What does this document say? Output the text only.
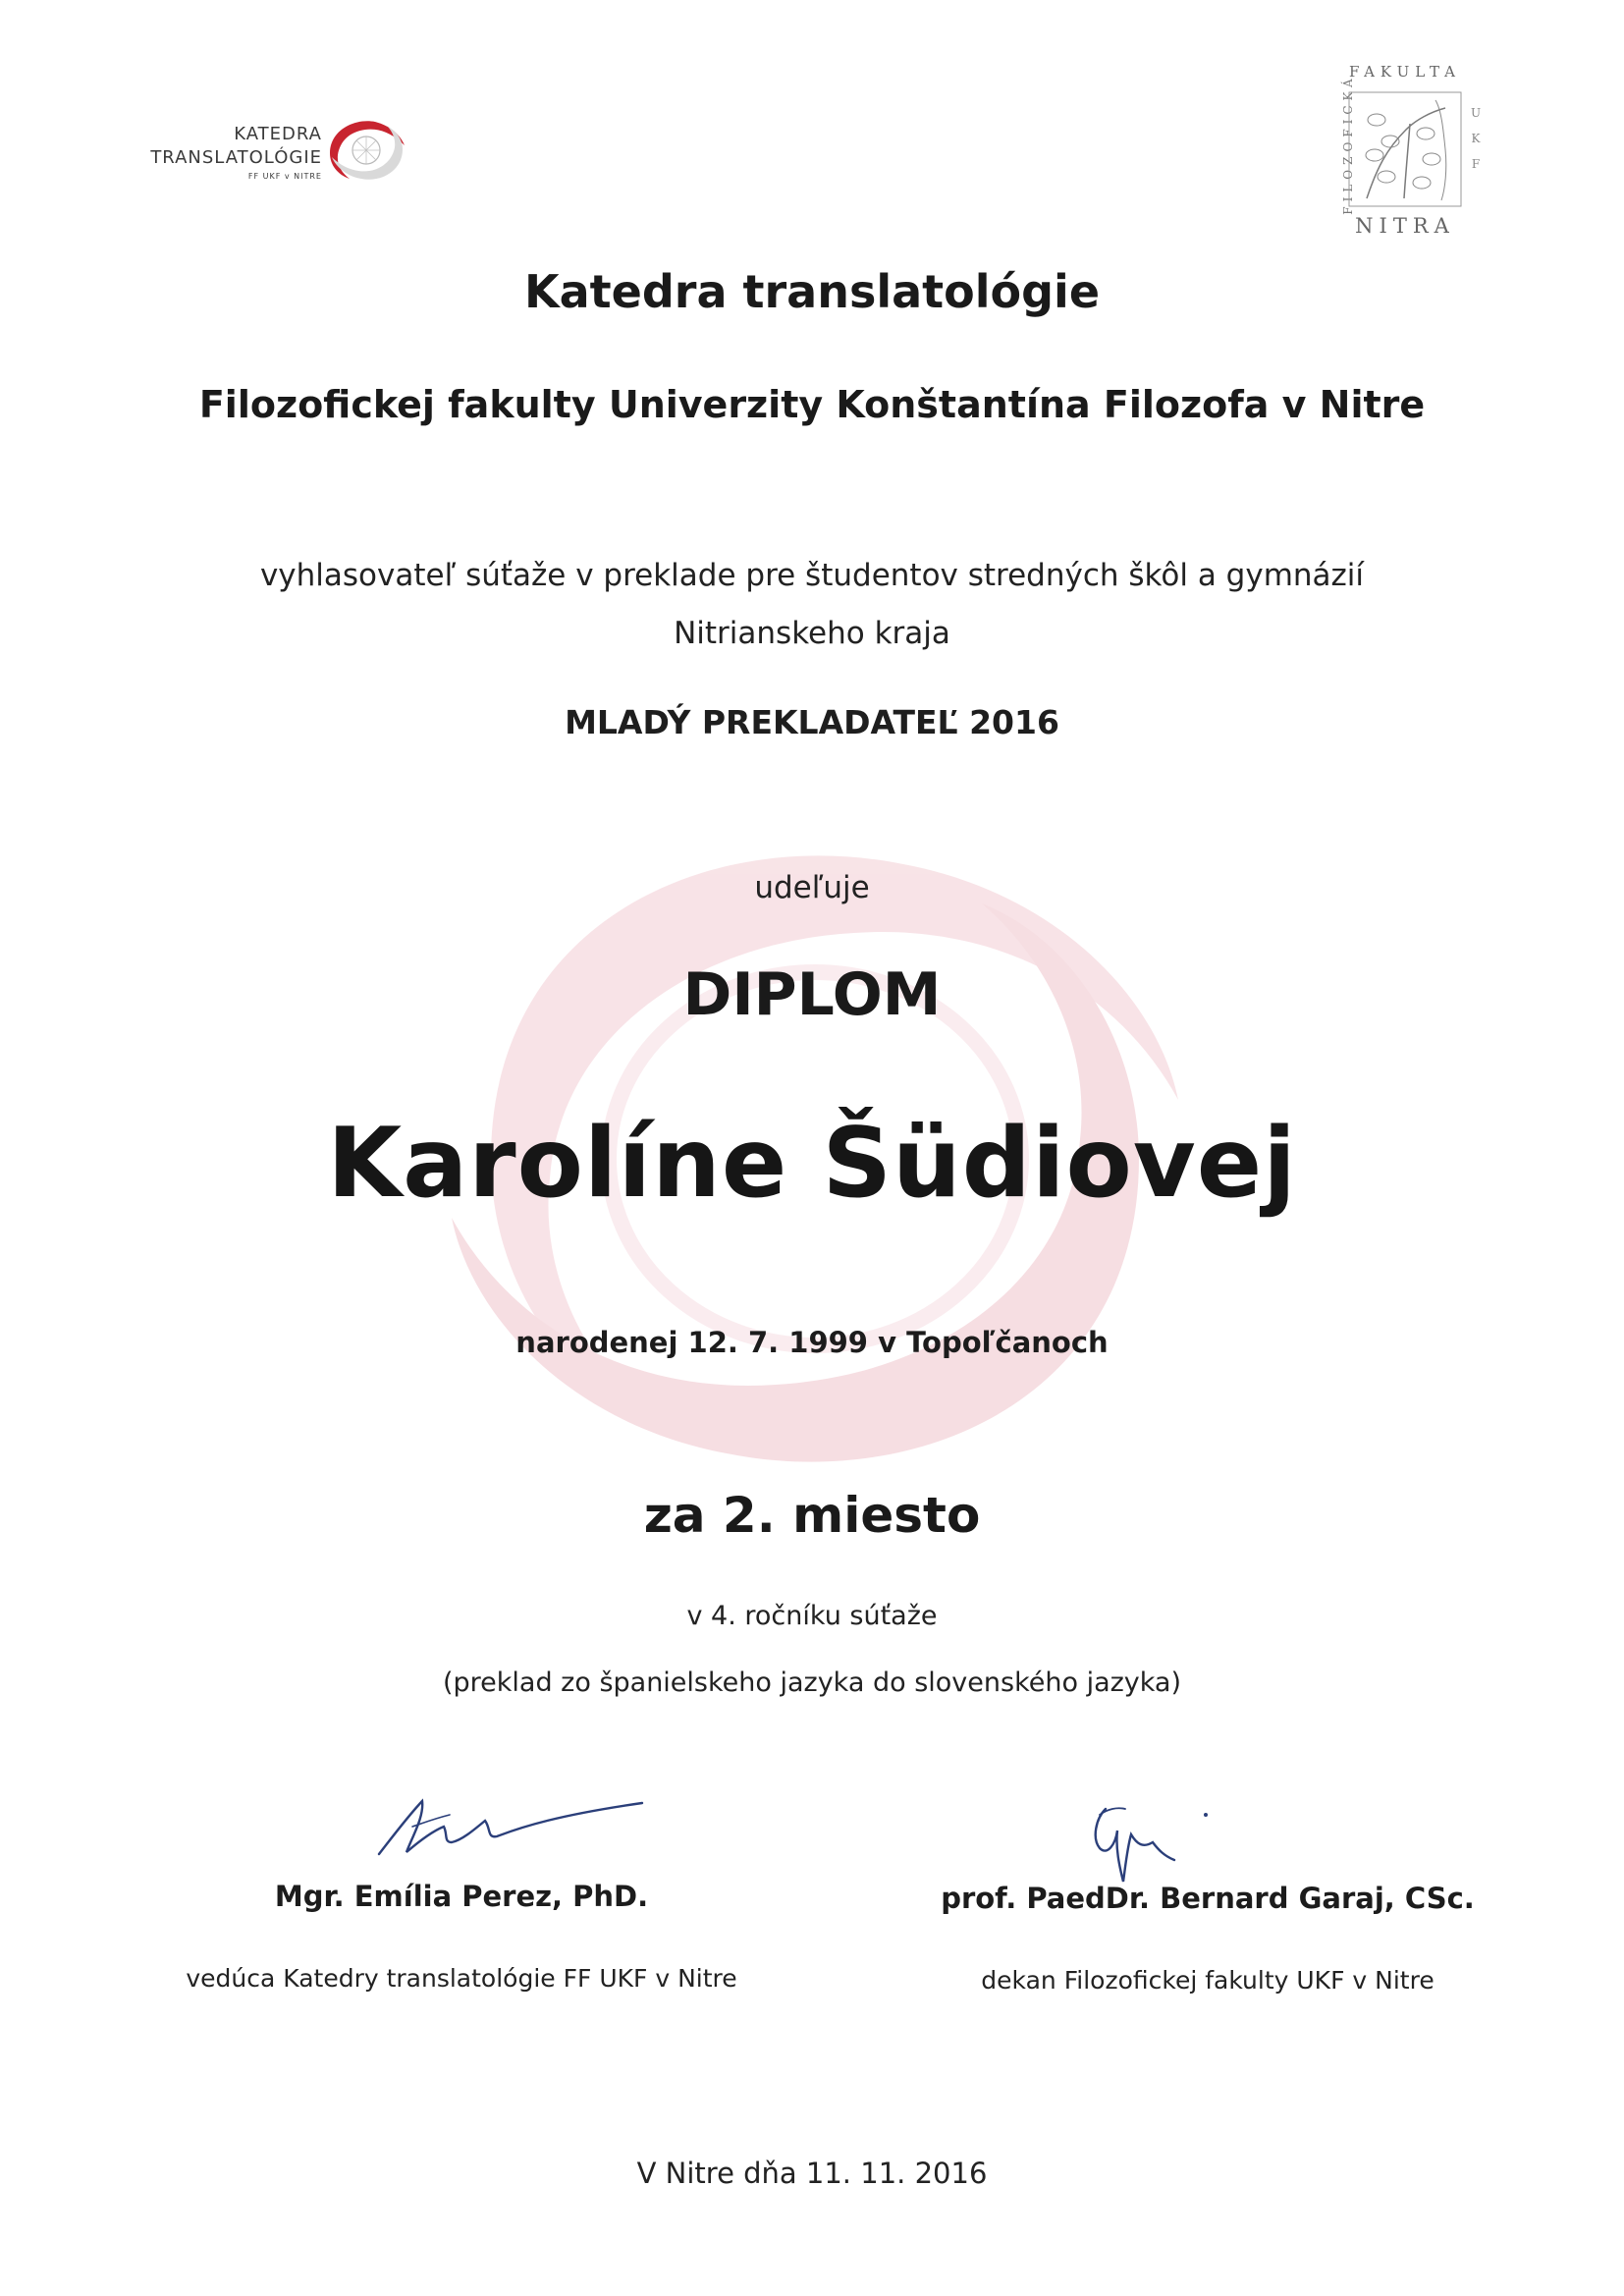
KATEDRA
TRANSLATOLÓGIE
FF UKF v NITRE
FAKULTA
FILOZOFICKÁ	U
K
F
NITRA
Katedra translatológie
Filozofickej fakulty Univerzity Konštantína Filozofa v Nitre
vyhlasovateľ súťaže v preklade pre študentov stredných škôl a gymnázií
Nitrianskeho kraja
MLADÝ PREKLADATEĽ 2016
udeľuje
DIPLOM
Karolíne Šüdiovej
narodenej 12. 7. 1999 v Topoľčanoch
za 2. miesto
v 4. ročníku súťaže
(preklad zo španielskeho jazyka do slovenského jazyka)
Mgr. Emília Perez, PhD.
vedúca Katedry translatológie FF UKF v Nitre
prof. PaedDr. Bernard Garaj, CSc.
dekan Filozofickej fakulty UKF v Nitre
V Nitre dňa 11. 11. 2016
